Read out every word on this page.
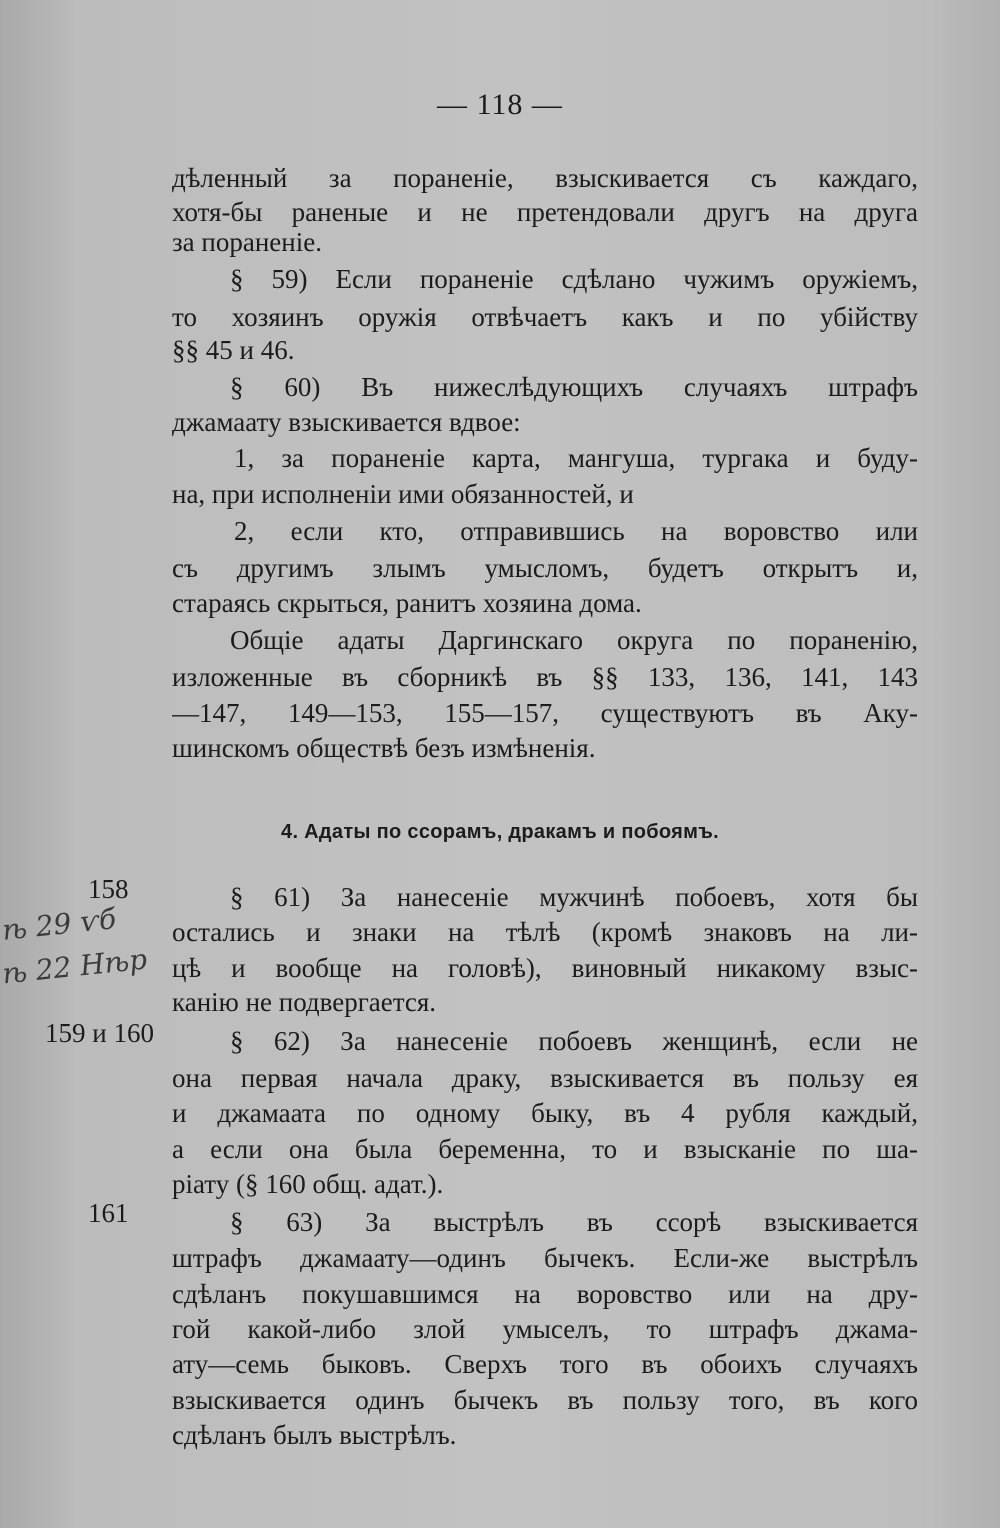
— 118 —
дѣленный за пораненіе, взыскивается съ каждаго,
хотя-бы раненые и не претендовали другъ на друга
за пораненіе.
§ 59) Если пораненіе сдѣлано чужимъ оружіемъ,
то хозяинъ оружія отвѣчаетъ какъ и по убійству
§§ 45 и 46.
§ 60) Въ нижеслѣдующихъ случаяхъ штрафъ
джамаату взыскивается вдвое:
1, за пораненіе карта, мангуша, тургака и буду-
на, при исполненіи ими обязанностей, и
2, если кто, отправившись на воровство или
съ другимъ злымъ умысломъ, будетъ открытъ и,
стараясь скрыться, ранитъ хозяина дома.
Общіе адаты Даргинскаго округа по пораненію,
изложенные въ сборникѣ въ §§ 133, 136, 141, 143
—147, 149—153, 155—157, существуютъ въ Аку-
шинскомъ обществѣ безъ измѣненія.
4. Адаты по ссорамъ, дракамъ и побоямъ.
158
ѣ 29 ѵб
ѣ 22 Нѣр
§ 61) За нанесеніе мужчинѣ побоевъ, хотя бы
остались и знаки на тѣлѣ (кромѣ знаковъ на ли-
цѣ и вообще на головѣ), виновный никакому взыс-
канію не подвергается.
159 и 160	§ 62) За нанесеніе побоевъ женщинѣ, если не
она первая начала драку, взыскивается въ пользу ея
и джамаата по одному быку, въ 4 рубля каждый,
а если она была беременна, то и взысканіе по ша-
ріату (§ 160 общ. адат.).
161	§ 63) За выстрѣлъ въ ссорѣ взыскивается
штрафъ джамаату—одинъ бычекъ. Если-же выстрѣлъ
сдѣланъ покушавшимся на воровство или на дру-
гой какой-либо злой умыселъ, то штрафъ джама-
ату—семь быковъ. Сверхъ того въ обоихъ случаяхъ
взыскивается одинъ бычекъ въ пользу того, въ кого
сдѣланъ былъ выстрѣлъ.
